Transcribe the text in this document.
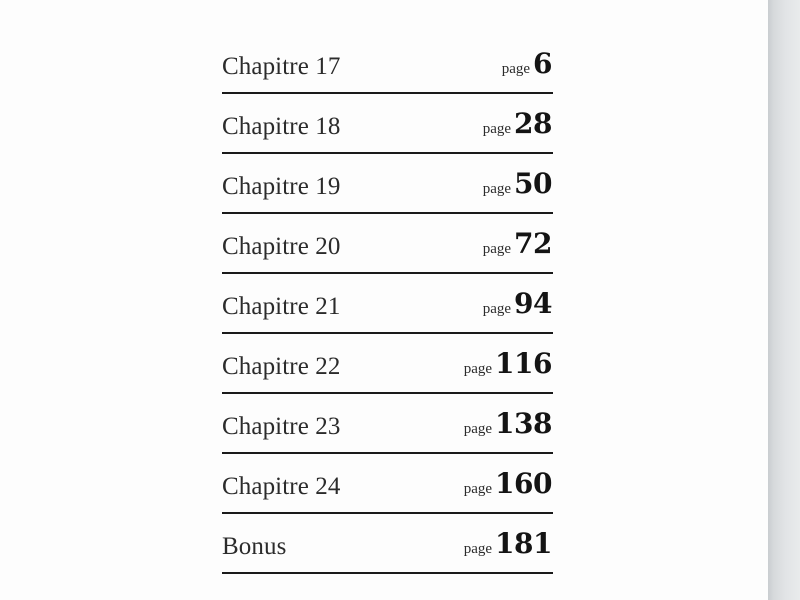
Chapitre 17	page 6
Chapitre 18	page 28
Chapitre 19	page 50
Chapitre 20	page 72
Chapitre 21	page 94
Chapitre 22	page 116
Chapitre 23	page 138
Chapitre 24	page 160
Bonus	page 181
